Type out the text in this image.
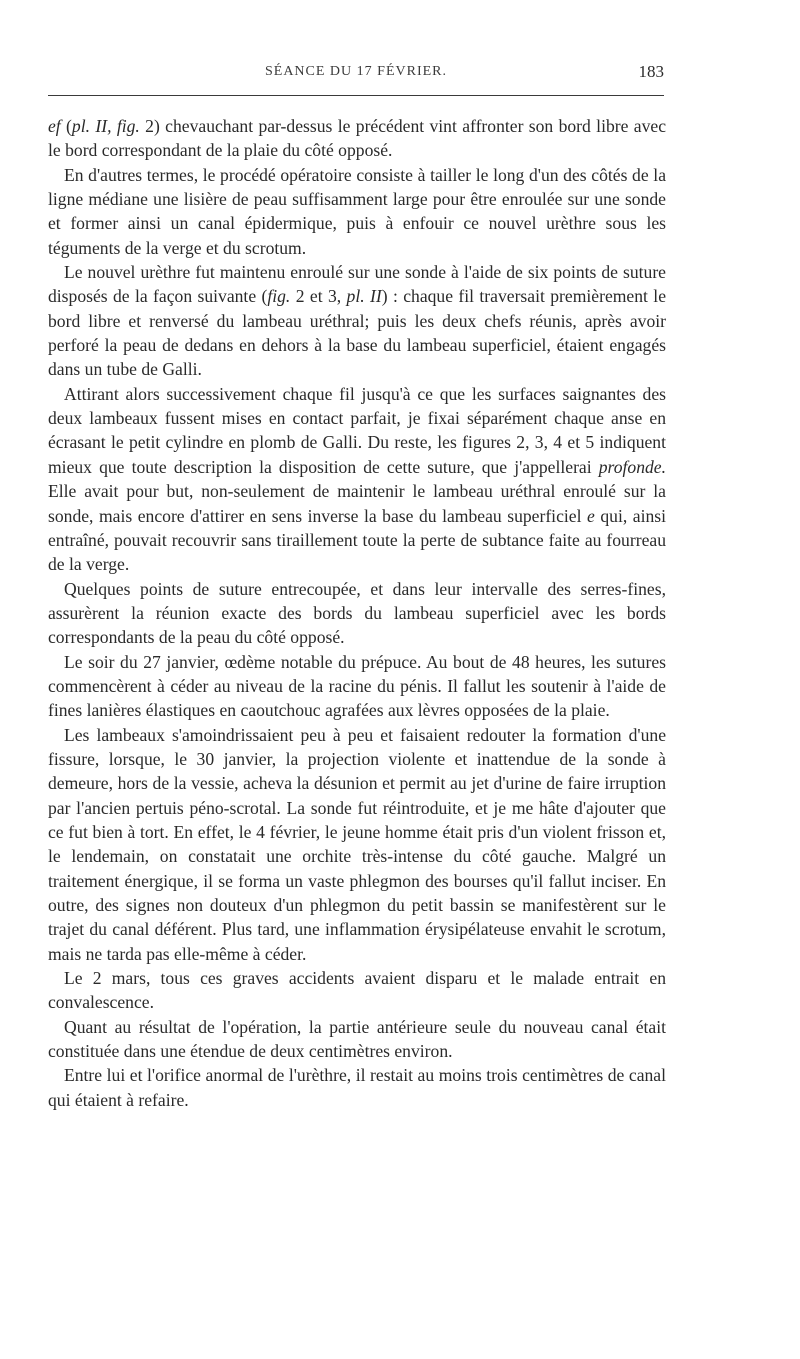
SÉANCE DU 17 FÉVRIER.	183

ef (pl. II, fig. 2) chevauchant par-dessus le précédent vint affronter son bord libre avec le bord correspondant de la plaie du côté opposé.

En d'autres termes, le procédé opératoire consiste à tailler le long d'un des côtés de la ligne médiane une lisière de peau suffisamment large pour être enroulée sur une sonde et former ainsi un canal épidermique, puis à enfouir ce nouvel urèthre sous les téguments de la verge et du scrotum.

Le nouvel urèthre fut maintenu enroulé sur une sonde à l'aide de six points de suture disposés de la façon suivante (fig. 2 et 3, pl. II) : chaque fil traversait premièrement le bord libre et renversé du lambeau uréthral; puis les deux chefs réunis, après avoir perforé la peau de dedans en dehors à la base du lambeau superficiel, étaient engagés dans un tube de Galli.

Attirant alors successivement chaque fil jusqu'à ce que les surfaces saignantes des deux lambeaux fussent mises en contact parfait, je fixai séparément chaque anse en écrasant le petit cylindre en plomb de Galli. Du reste, les figures 2, 3, 4 et 5 indiquent mieux que toute description la disposition de cette suture, que j'appellerai profonde. Elle avait pour but, non-seulement de maintenir le lambeau uréthral enroulé sur la sonde, mais encore d'attirer en sens inverse la base du lambeau superficiel e qui, ainsi entraîné, pouvait recouvrir sans tiraillement toute la perte de subtance faite au fourreau de la verge.

Quelques points de suture entrecoupée, et dans leur intervalle des serres-fines, assurèrent la réunion exacte des bords du lambeau superficiel avec les bords correspondants de la peau du côté opposé.

Le soir du 27 janvier, œdème notable du prépuce. Au bout de 48 heures, les sutures commencèrent à céder au niveau de la racine du pénis. Il fallut les soutenir à l'aide de fines lanières élastiques en caoutchouc agrafées aux lèvres opposées de la plaie.

Les lambeaux s'amoindrissaient peu à peu et faisaient redouter la formation d'une fissure, lorsque, le 30 janvier, la projection violente et inattendue de la sonde à demeure, hors de la vessie, acheva la désunion et permit au jet d'urine de faire irruption par l'ancien pertuis péno-scrotal. La sonde fut réintroduite, et je me hâte d'ajouter que ce fut bien à tort. En effet, le 4 février, le jeune homme était pris d'un violent frisson et, le lendemain, on constatait une orchite très-intense du côté gauche. Malgré un traitement énergique, il se forma un vaste phlegmon des bourses qu'il fallut inciser. En outre, des signes non douteux d'un phlegmon du petit bassin se manifestèrent sur le trajet du canal déférent. Plus tard, une inflammation érysipélateuse envahit le scrotum, mais ne tarda pas elle-même à céder.

Le 2 mars, tous ces graves accidents avaient disparu et le malade entrait en convalescence.

Quant au résultat de l'opération, la partie antérieure seule du nouveau canal était constituée dans une étendue de deux centimètres environ.

Entre lui et l'orifice anormal de l'urèthre, il restait au moins trois centimètres de canal qui étaient à refaire.
